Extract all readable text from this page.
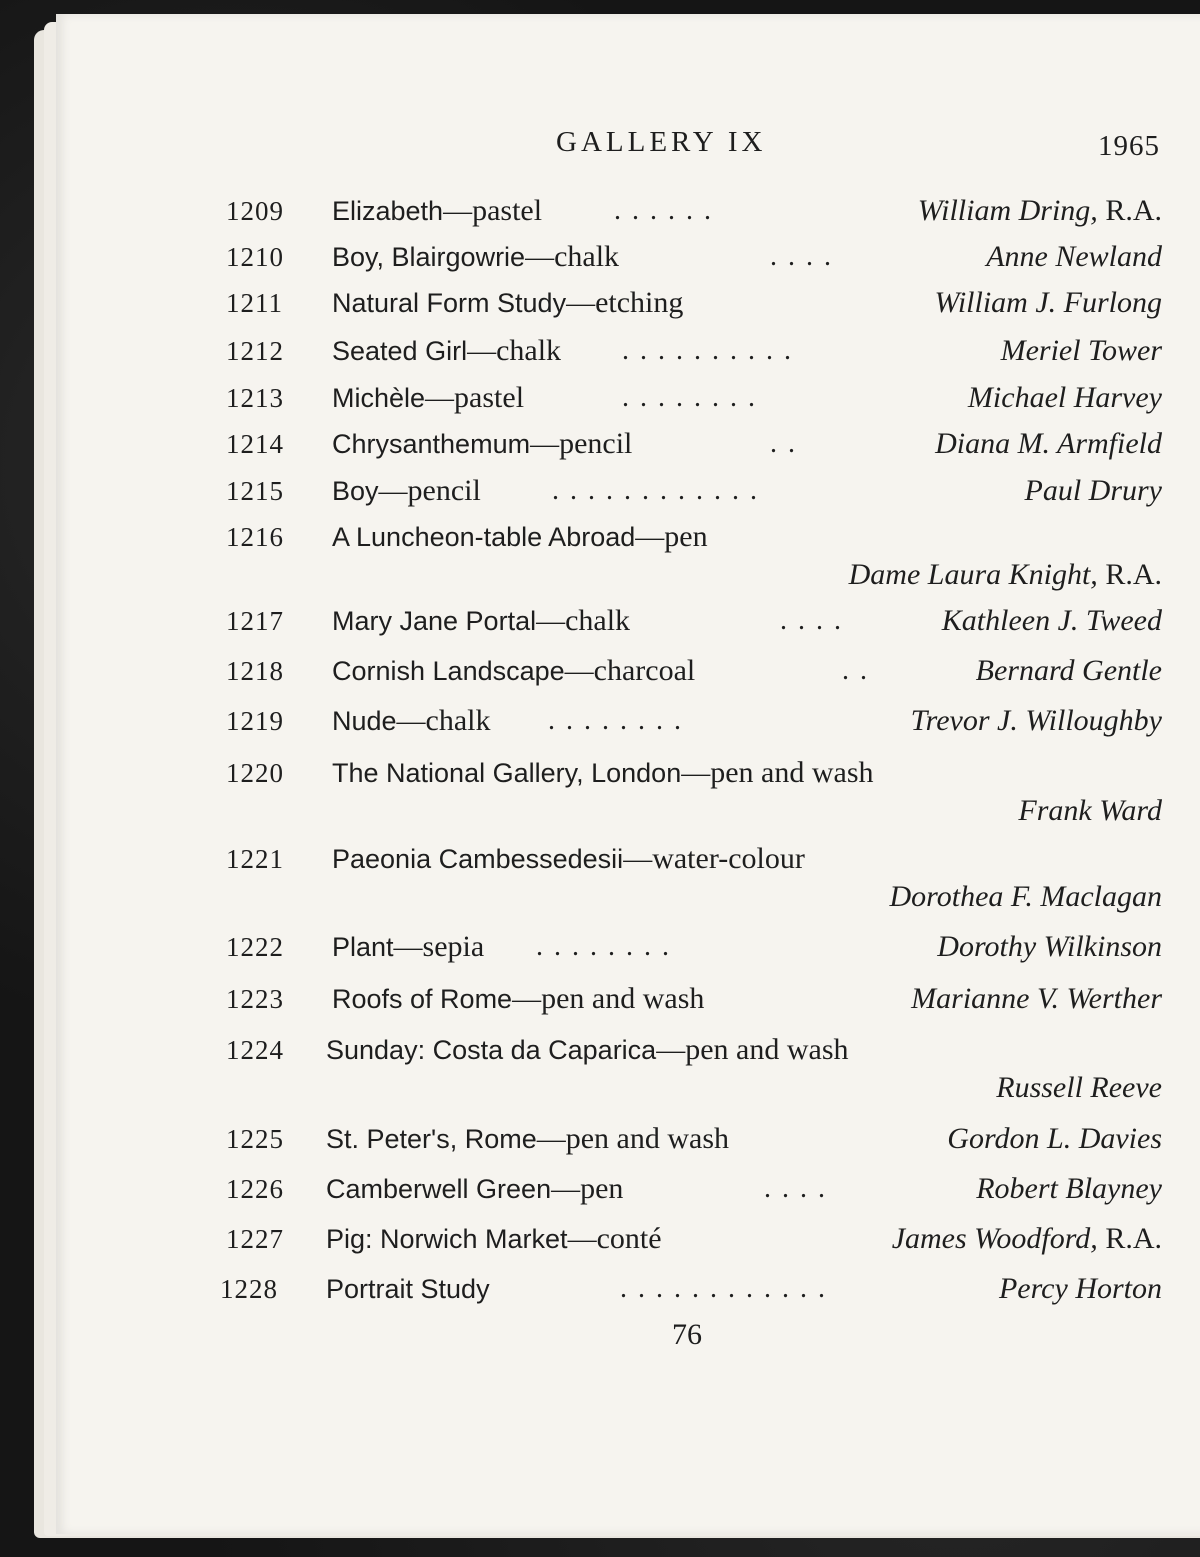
GALLERY IX	1965
1209	Elizabeth—pastel	. . . . . .	William Dring, R.A.
1210	Boy, Blairgowrie—chalk	. . . .	Anne Newland
1211	Natural Form Study—etching	William J. Furlong
1212	Seated Girl—chalk . . . . . . . . . .	Meriel Tower
1213	Michèle—pastel	. . . . . . . .	Michael Harvey
1214	Chrysanthemum—pencil	. .	Diana M. Armfield
1215	Boy—pencil	. . . . . . . . . . . .	Paul Drury
1216	A Luncheon-table Abroad—pen
Dame Laura Knight, R.A.
1217	Mary Jane Portal—chalk	. . . .	Kathleen J. Tweed
1218	Cornish Landscape—charcoal	. .	Bernard Gentle
1219	Nude—chalk . . . . . . . .	Trevor J. Willoughby
1220	The National Gallery, London—pen and wash
Frank Ward
1221	Paeonia Cambessedesii—water-colour
Dorothea F. Maclagan
1222	Plant—sepia . . . . . . . .	Dorothy Wilkinson
1223	Roofs of Rome—pen and wash	Marianne V. Werther
1224	Sunday: Costa da Caparica—pen and wash
Russell Reeve
1225	St. Peter's, Rome—pen and wash	Gordon L. Davies
1226	Camberwell Green—pen	. . . .	Robert Blayney
1227	Pig: Norwich Market—conté	James Woodford, R.A.
1228	Portrait Study	. . . . . . . . . . . .	Percy Horton
76
